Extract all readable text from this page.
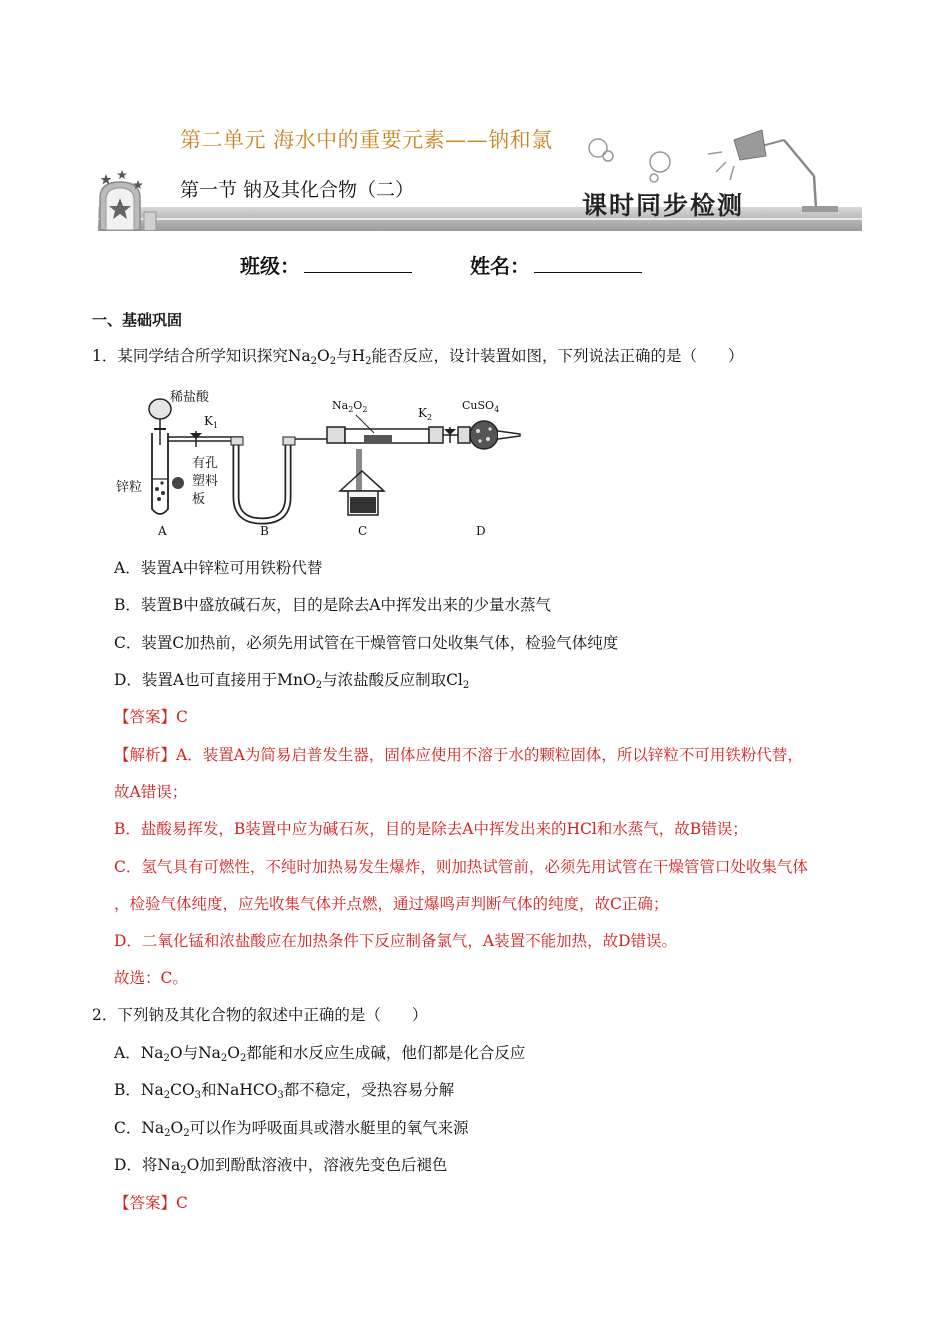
第二单元 海水中的重要元素——钠和氯
第一节 钠及其化合物（二）
课时同步检测
班级：	姓名：
一、基础巩固
1．某同学结合所学知识探究$Na_2O_2$与$H_2$能否反应，设计装置如图，下列说法正确的是（　　）
稀盐酸
$K_1$
$Na_2O_2$	$K_2$
CuSO$_4$
锌粒
有孔
塑料
板
A	B	C	D
A．装置A中锌粒可用铁粉代替
B．装置B中盛放碱石灰，目的是除去A中挥发出来的少量水蒸气
C．装置C加热前，必须先用试管在干燥管管口处收集气体，检验气体纯度
D．装置A也可直接用于MnO$_2$与浓盐酸反应制取$Cl_2$
【答案】C
【解析】A．装置A为简易启普发生器，固体应使用不溶于水的颗粒固体，所以锌粒不可用铁粉代替，
故A错误；
B．盐酸易挥发，B装置中应为碱石灰，目的是除去A中挥发出来的HCl和水蒸气，故B错误；
C．氢气具有可燃性，不纯时加热易发生爆炸，则加热试管前，必须先用试管在干燥管管口处收集气体
，检验气体纯度，应先收集气体并点燃，通过爆鸣声判断气体的纯度，故C正确；
D．二氧化锰和浓盐酸应在加热条件下反应制备氯气，A装置不能加热，故D错误。
故选：C。
2．下列钠及其化合物的叙述中正确的是（　　）
A．$Na_2O$与$Na_2O_2$都能和水反应生成碱，他们都是化合反应
B．$Na_2CO_3$和NaHCO$_3$都不稳定，受热容易分解
C．$Na_2O_2$可以作为呼吸面具或潜水艇里的氧气来源
D．将$Na_2O$加到酚酞溶液中，溶液先变色后褪色
【答案】C
